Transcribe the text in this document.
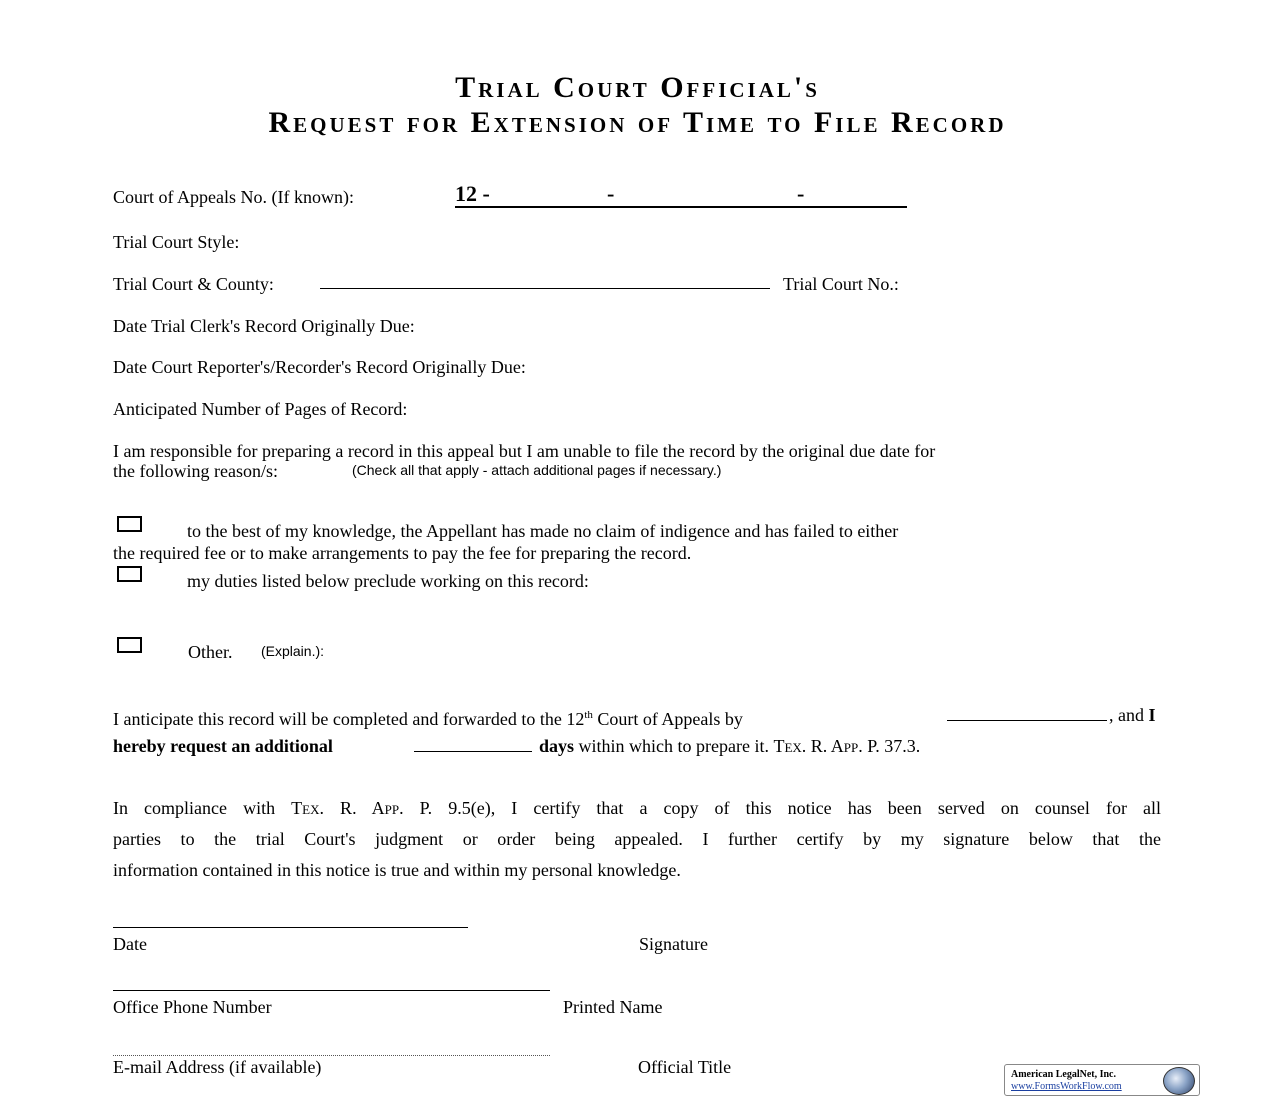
Trial Court Official's
Request for Extension of Time to File Record
Court of Appeals No. (If known):	12 -	-	-
Trial Court Style:
Trial Court & County:	Trial Court No.:
Date Trial Clerk's Record Originally Due:
Date Court Reporter's/Recorder's Record Originally Due:
Anticipated Number of Pages of Record:
I am responsible for preparing a record in this appeal but I am unable to file the record by the original due date for
the following reason/s:	(Check all that apply - attach additional pages if necessary.)
to the best of my knowledge, the Appellant has made no claim of indigence and has failed to either
the required fee or to make arrangements to pay the fee for preparing the record.
my duties listed below preclude working on this record:
Other. (Explain.):
I anticipate this record will be completed and forwarded to the 12th Court of Appeals by	, and I
hereby request an additional	days within which to prepare it. Tex. R. App. P. 37.3.
In compliance with Tex. R. App. P. 9.5(e), I certify that a copy of this notice has been served on counsel for all
parties to the trial Court's judgment or order being appealed. I further certify by my signature below that the
information contained in this notice is true and within my personal knowledge.
Date	Signature
Office Phone Number	Printed Name
E-mail Address (if available)	Official Title	American LegalNet, Inc.
www.FormsWorkFlow.com
